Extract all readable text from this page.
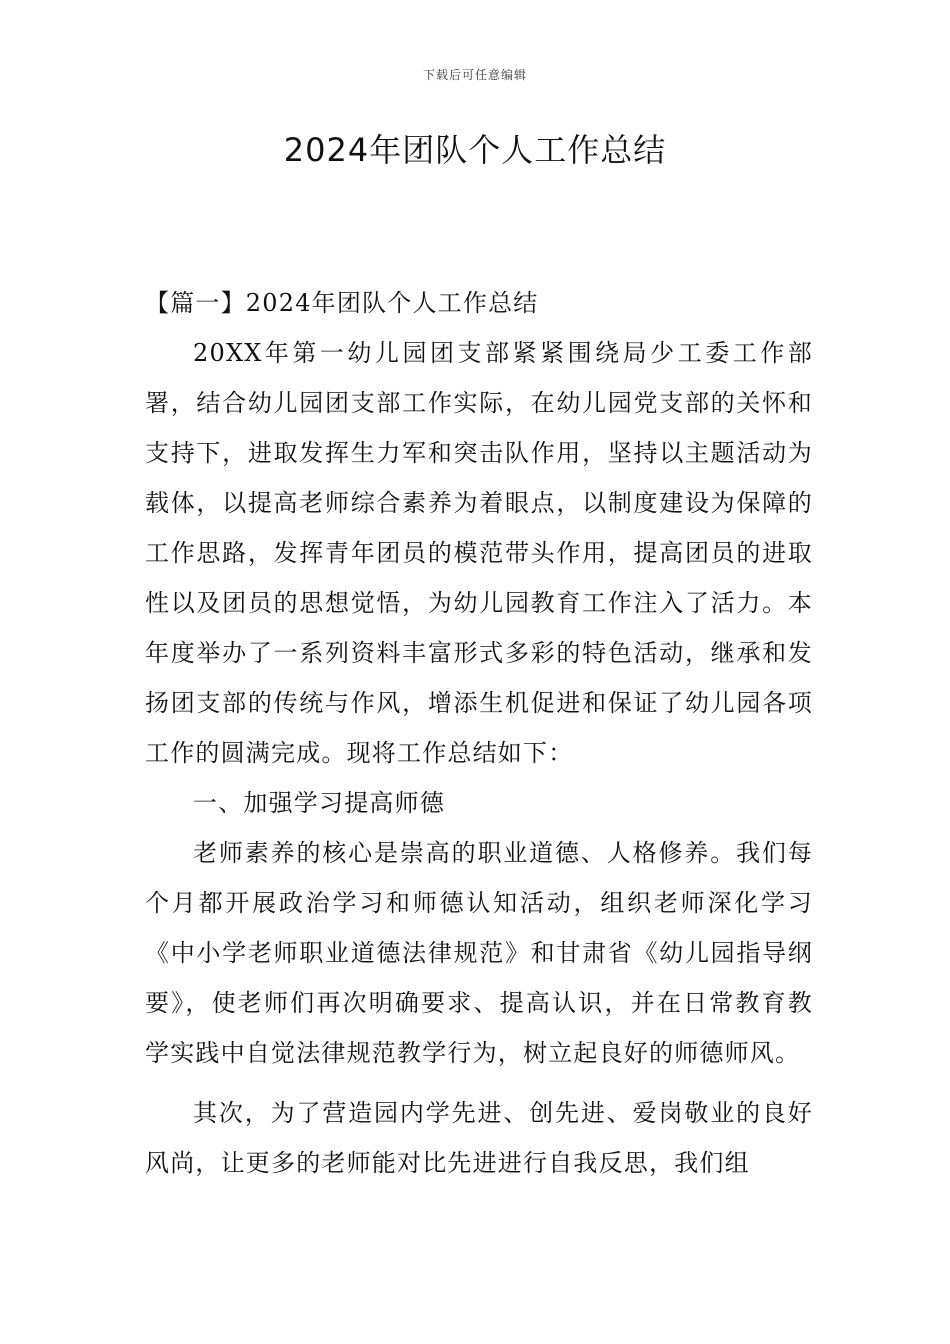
下载后可任意编辑
2024年团队个人工作总结

【篇一】2024年团队个人工作总结

20XX年第一幼儿园团支部紧紧围绕局少工委工作部署，结合幼儿园团支部工作实际，在幼儿园党支部的关怀和支持下，进取发挥生力军和突击队作用，坚持以主题活动为载体，以提高老师综合素养为着眼点，以制度建设为保障的工作思路，发挥青年团员的模范带头作用，提高团员的进取性以及团员的思想觉悟，为幼儿园教育工作注入了活力。本年度举办了一系列资料丰富形式多彩的特色活动，继承和发扬团支部的传统与作风，增添生机促进和保证了幼儿园各项工作的圆满完成。现将工作总结如下：

一、加强学习提高师德

老师素养的核心是崇高的职业道德、人格修养。我们每个月都开展政治学习和师德认知活动，组织老师深化学习《中小学老师职业道德法律规范》和甘肃省《幼儿园指导纲要》，使老师们再次明确要求、提高认识，并在日常教育教学实践中自觉法律规范教学行为，树立起良好的师德师风。

其次，为了营造园内学先进、创先进、爱岗敬业的良好风尚，让更多的老师能对比先进进行自我反思，我们组
